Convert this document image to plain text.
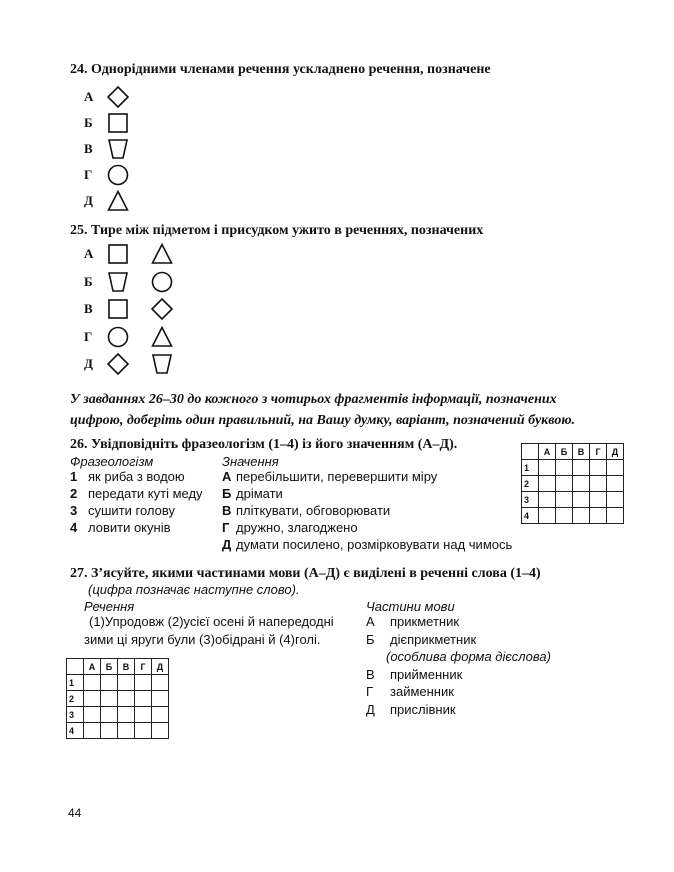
24. Однорідними членами речення ускладнено речення, позначене
А
Б
В
Г
Д
25. Тире між підметом і присудком ужито в реченнях, позначених
А
Б
В
Г
Д
У завданнях 26–30 до кожного з чотирьох фрагментів інформації, позначених
цифрою, доберіть один правильний, на Вашу думку, варіант, позначений буквою.
26. Увідповідніть фразеологізм (1–4) із його значенням (А–Д).
Фразеологізм	Значення
1 як риба з водою
2 передати куті меду
3 сушити голову
4 ловити окунів
А перебільшити, перевершити міру
Б дрімати
В пліткувати, обговорювати
Г дружно, злагоджено
Д думати посилено, розмірковувати над чимось
	А	Б	В	Г	Д
1					
2					
3					
4					
27. З’ясуйте, якими частинами мови (А–Д) є виділені в реченні слова (1–4)
(цифра позначає наступне слово).
Речення
(1)Упродовж (2)усієї осені й напередодні
зими ці яруги були (3)обідрані й (4)голі.
Частини мови
А прикметник
Б дієприкметник
(особлива форма дієслова)
В прийменник
Г займенник
Д прислівник
	А	Б	В	Г	Д
1					
2					
3					
4					
44
